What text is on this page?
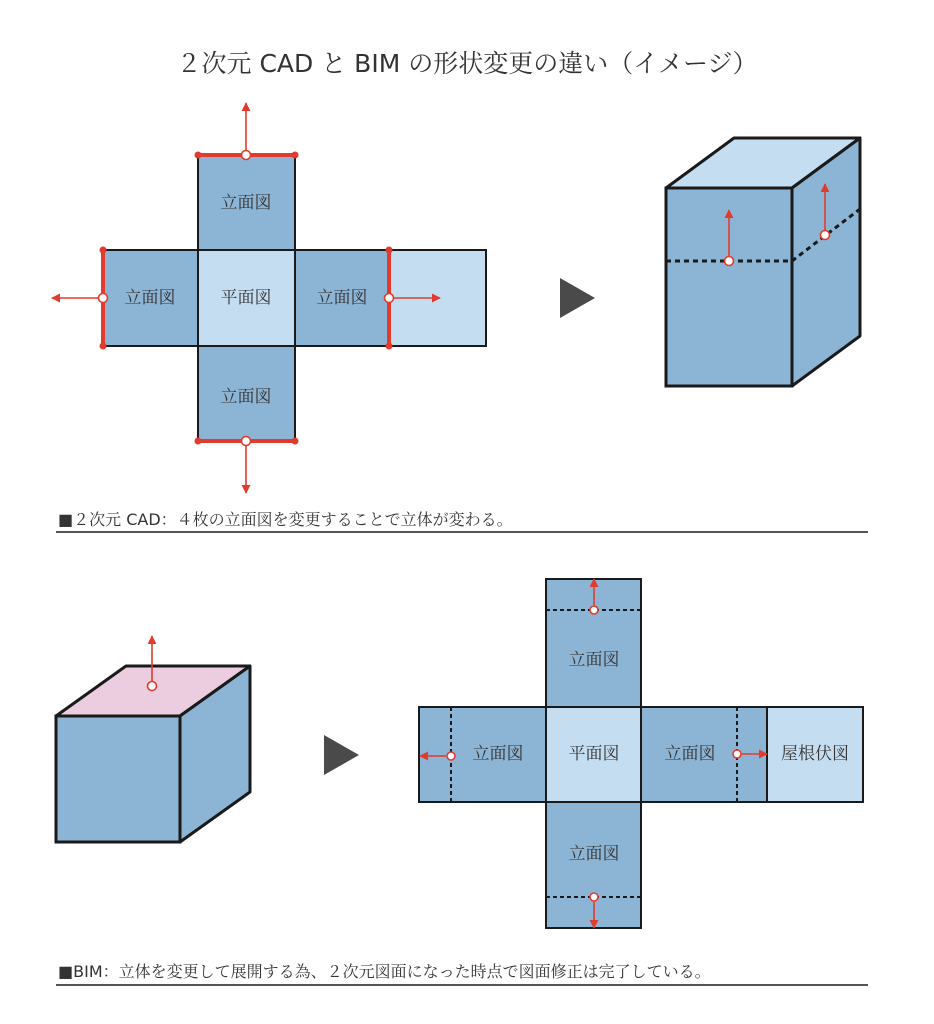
２次元 CAD と BIM の形状変更の違い（イメージ）
立面図
立面図	平面図	立面図
立面図
■２次元 CAD：４枚の立面図を変更することで立体が変わる。
立面図
立面図	平面図	立面図	屋根伏図
立面図
■BIM：立体を変更して展開する為、２次元図面になった時点で図面修正は完了している。
